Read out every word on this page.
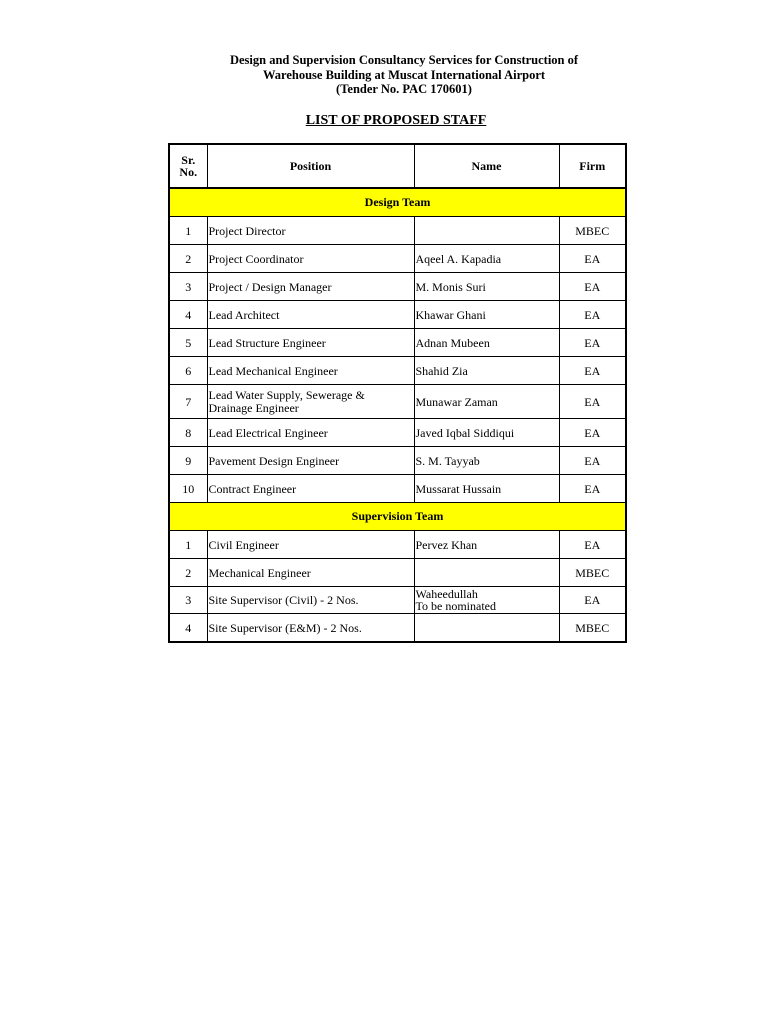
Design and Supervision Consultancy Services for Construction of
Warehouse Building at Muscat International Airport
(Tender No. PAC 170601)
LIST OF PROPOSED STAFF
Sr.
No.	Position	Name	Firm
Design Team			
1	Project Director		MBEC
2	Project Coordinator	Aqeel A. Kapadia	EA
3	Project / Design Manager	M. Monis Suri	EA
4	Lead Architect	Khawar Ghani	EA
5	Lead Structure Engineer	Adnan Mubeen	EA
6	Lead Mechanical Engineer	Shahid Zia	EA
7	Lead Water Supply, Sewerage &
Drainage Engineer	Munawar Zaman	EA
8	Lead Electrical Engineer	Javed Iqbal Siddiqui	EA
9	Pavement Design Engineer	S. M. Tayyab	EA
10	Contract Engineer	Mussarat Hussain	EA
Supervision Team			
1	Civil Engineer	Pervez Khan	EA
2	Mechanical Engineer		MBEC
3	Site Supervisor (Civil) - 2 Nos.	Waheedullah
To be nominated	EA
4	Site Supervisor (E&M) - 2 Nos.		MBEC
